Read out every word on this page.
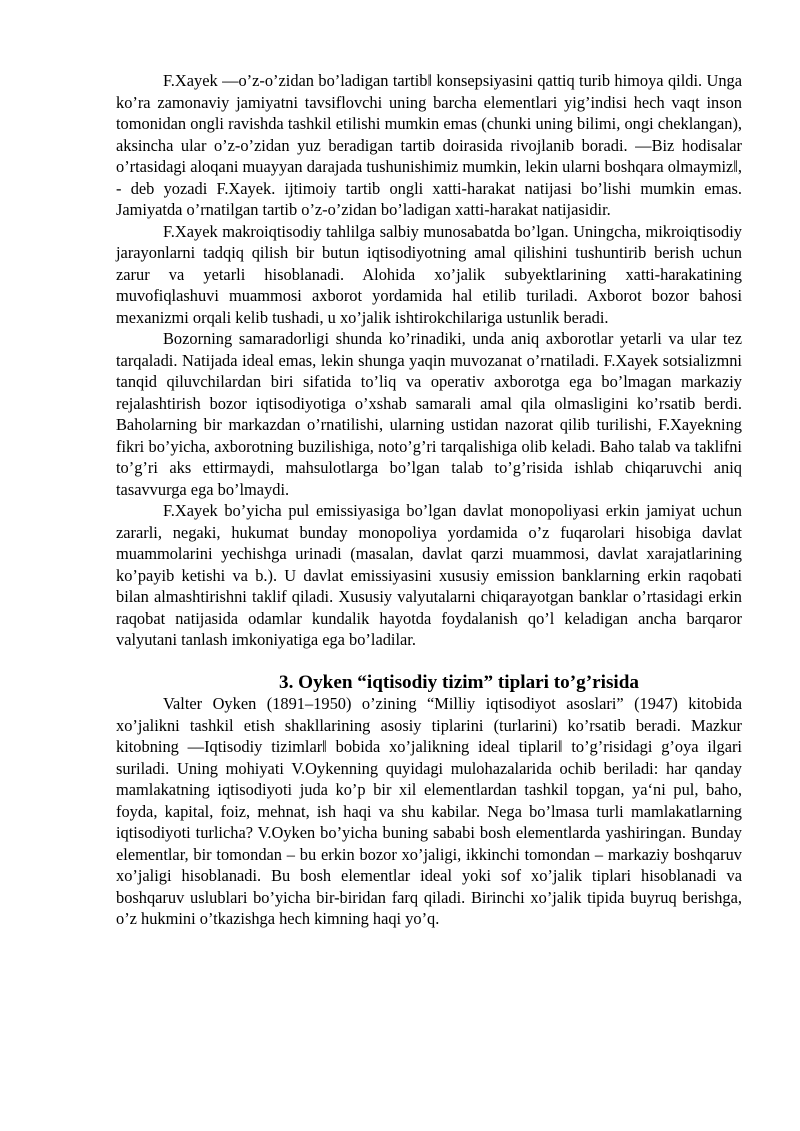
F.Xayek —o’z-o’zidan bo’ladigan tartib‖ konsepsiyasini qattiq turib himoya qildi. Unga ko’ra zamonaviy jamiyatni tavsiflovchi uning barcha elementlari yig’indisi hech vaqt inson tomonidan ongli ravishda tashkil etilishi mumkin emas (chunki uning bilimi, ongi cheklangan), aksincha ular o’z-o’zidan yuz beradigan tartib doirasida rivojlanib boradi. —Biz hodisalar o’rtasidagi aloqani muayyan darajada tushunishimiz mumkin, lekin ularni boshqara olmaymiz‖, - deb yozadi F.Xayek. ijtimoiy tartib ongli xatti-harakat natijasi bo’lishi mumkin emas. Jamiyatda o’rnatilgan tartib o’z-o’zidan bo’ladigan xatti-harakat natijasidir.

F.Xayek makroiqtisodiy tahlilga salbiy munosabatda bo’lgan. Uningcha, mikroiqtisodiy jarayonlarni tadqiq qilish bir butun iqtisodiyotning amal qilishini tushuntirib berish uchun zarur va yetarli hisoblanadi. Alohida xo’jalik subyektlarining xatti-harakatining muvofiqlashuvi muammosi axborot yordamida hal etilib turiladi. Axborot bozor bahosi mexanizmi orqali kelib tushadi, u xo’jalik ishtirokchilariga ustunlik beradi.

Bozorning samaradorligi shunda ko’rinadiki, unda aniq axborotlar yetarli va ular tez tarqaladi. Natijada ideal emas, lekin shunga yaqin muvozanat o’rnatiladi. F.Xayek sotsializmni tanqid qiluvchilardan biri sifatida to’liq va operativ axborotga ega bo’lmagan markaziy rejalashtirish bozor iqtisodiyotiga o’xshab samarali amal qila olmasligini ko’rsatib berdi. Baholarning bir markazdan o’rnatilishi, ularning ustidan nazorat qilib turilishi, F.Xayekning fikri bo’yicha, axborotning buzilishiga, noto’g’ri tarqalishiga olib keladi. Baho talab va taklifni to’g’ri aks ettirmaydi, mahsulotlarga bo’lgan talab to’g’risida ishlab chiqaruvchi aniq tasavvurga ega bo’lmaydi.

F.Xayek bo’yicha pul emissiyasiga bo’lgan davlat monopoliyasi erkin jamiyat uchun zararli, negaki, hukumat bunday monopoliya yordamida o’z fuqarolari hisobiga davlat muammolarini yechishga urinadi (masalan, davlat qarzi muammosi, davlat xarajatlarining ko’payib ketishi va b.). U davlat emissiyasini xususiy emission banklarning erkin raqobati bilan almashtirishni taklif qiladi. Xususiy valyutalarni chiqarayotgan banklar o’rtasidagi erkin raqobat natijasida odamlar kundalik hayotda foydalanish qo’l keladigan ancha barqaror valyutani tanlash imkoniyatiga ega bo’ladilar.

3. Oyken “iqtisodiy tizim” tiplari to’g’risida

Valter Oyken (1891–1950) o’zining “Milliy iqtisodiyot asoslari” (1947) kitobida xo’jalikni tashkil etish shakllarining asosiy tiplarini (turlarini) ko’rsatib beradi. Mazkur kitobning —Iqtisodiy tizimlar‖ bobida xo’jalikning ideal tiplari‖ to’g’risidagi g’oya ilgari suriladi. Uning mohiyati V.Oykenning quyidagi mulohazalarida ochib beriladi: har qanday mamlakatning iqtisodiyoti juda ko’p bir xil elementlardan tashkil topgan, ya‘ni pul, baho, foyda, kapital, foiz, mehnat, ish haqi va shu kabilar. Nega bo’lmasa turli mamlakatlarning iqtisodiyoti turlicha? V.Oyken bo’yicha buning sababi bosh elementlarda yashiringan. Bunday elementlar, bir tomondan – bu erkin bozor xo’jaligi, ikkinchi tomondan – markaziy boshqaruv xo’jaligi hisoblanadi. Bu bosh elementlar ideal yoki sof xo’jalik tiplari hisoblanadi va boshqaruv uslublari bo’yicha bir-biridan farq qiladi. Birinchi xo’jalik tipida buyruq berishga, o’z hukmini o’tkazishga hech kimning haqi yo’q.
